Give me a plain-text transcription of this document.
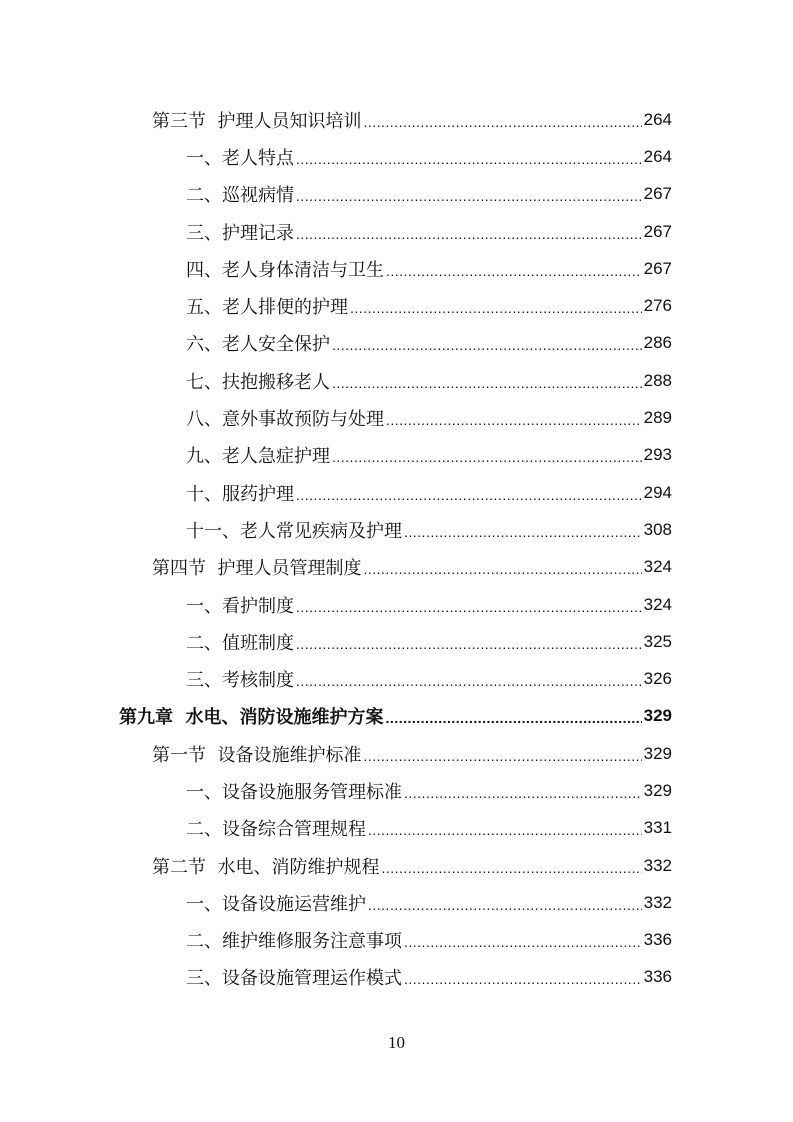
第三节  护理人员知识培训 .....	264
一、老人特点 .....	264
二、巡视病情 .....	267
三、护理记录 .....	267
四、老人身体清洁与卫生 .....	267
五、老人排便的护理 .....	276
六、老人安全保护 .....	286
七、扶抱搬移老人 .....	288
八、意外事故预防与处理 .....	289
九、老人急症护理 .....	293
十、服药护理 .....	294
十一、老人常见疾病及护理 .....	308
第四节  护理人员管理制度 .....	324
一、看护制度 .....	324
二、值班制度 .....	325
三、考核制度 .....	326
第九章  水电、消防设施维护方案 .....	329
第一节  设备设施维护标准 .....	329
一、设备设施服务管理标准 .....	329
二、设备综合管理规程 .....	331
第二节  水电、消防维护规程 .....	332
一、设备设施运营维护 .....	332
二、维护维修服务注意事项 .....	336
三、设备设施管理运作模式 .....	336
10
